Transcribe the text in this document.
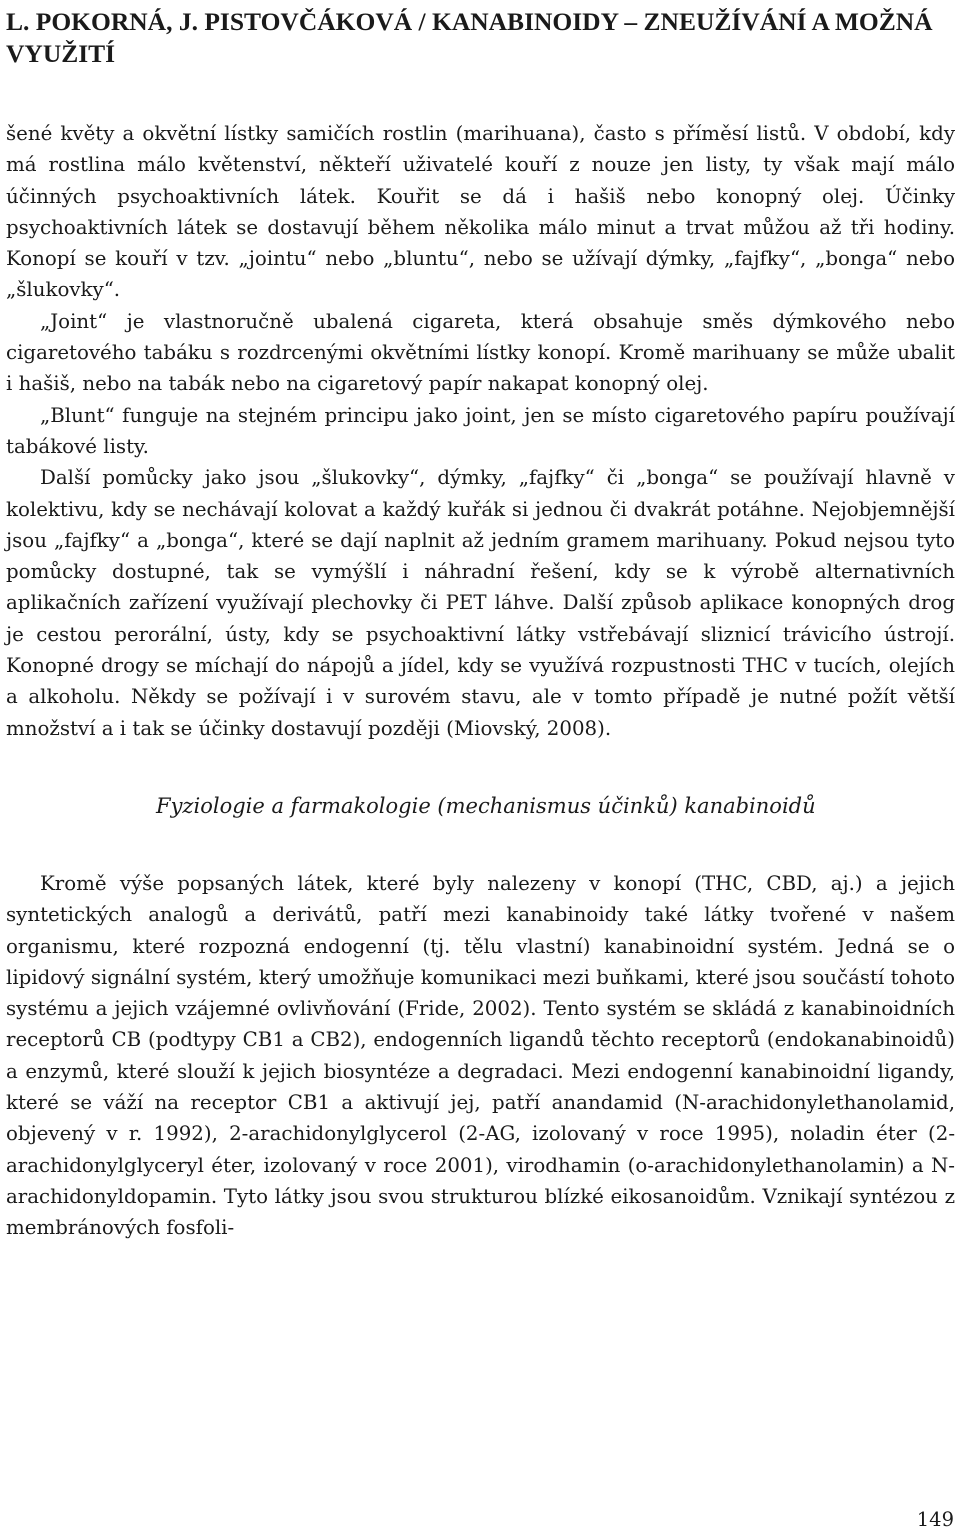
L. POKORNÁ, J. PISTOVČÁKOVÁ / KANABINOIDY – ZNEUŽÍVÁNÍ A MOŽNÁ VYUŽITÍ

šené květy a okvětní lístky samičích rostlin (marihuana), často s příměsí listů. V období, kdy má rostlina málo květenství, někteří uživatelé kouří z nouze jen listy, ty však mají málo účinných psychoaktivních látek. Kouřit se dá i hašiš nebo konopný olej. Účinky psychoaktivních látek se dostavují během několika málo minut a trvat můžou až tři hodiny. Konopí se kouří v tzv. „jointu“ nebo „bluntu“, nebo se užívají dýmky, „fajfky“, „bonga“ nebo „šlukovky“.

„Joint“ je vlastnoručně ubalená cigareta, která obsahuje směs dýmkového nebo cigaretového tabáku s rozdrcenými okvětními lístky konopí. Kromě marihuany se může ubalit i hašiš, nebo na tabák nebo na cigaretový papír nakapat konopný olej.

„Blunt“ funguje na stejném principu jako joint, jen se místo cigaretového papíru používají tabákové listy.

Další pomůcky jako jsou „šlukovky“, dýmky, „fajfky“ či „bonga“ se používají hlavně v kolektivu, kdy se nechávají kolovat a každý kuřák si jednou či dvakrát potáhne. Nejobjemnější jsou „fajfky“ a „bonga“, které se dají naplnit až jedním gramem marihuany. Pokud nejsou tyto pomůcky dostupné, tak se vymýšlí i náhradní řešení, kdy se k výrobě alternativních aplikačních zařízení využívají plechovky či PET láhve. Další způsob aplikace konopných drog je cestou perorální, ústy, kdy se psychoaktivní látky vstřebávají sliznicí trávicího ústrojí. Konopné drogy se míchají do nápojů a jídel, kdy se využívá rozpustnosti THC v tucích, olejích a alkoholu. Někdy se požívají i v surovém stavu, ale v tomto případě je nutné požít větší množství a i tak se účinky dostavují později (Miovský, 2008).

Fyziologie a farmakologie (mechanismus účinků) kanabinoidů

Kromě výše popsaných látek, které byly nalezeny v konopí (THC, CBD, aj.) a jejich syntetických analogů a derivátů, patří mezi kanabinoidy také látky tvořené v našem organismu, které rozpozná endogenní (tj. tělu vlastní) kanabinoidní systém. Jedná se o lipidový signální systém, který umožňuje komunikaci mezi buňkami, které jsou součástí tohoto systému a jejich vzájemné ovlivňování (Fride, 2002). Tento systém se skládá z kanabinoidních receptorů CB (podtypy CB1 a CB2), endogenních ligandů těchto receptorů (endokanabinoidů) a enzymů, které slouží k jejich biosyntéze a degradaci. Mezi endogenní kanabinoidní ligandy, které se váží na receptor CB1 a aktivují jej, patří anandamid (N-arachidonylethanolamid, objevený v r. 1992), 2-arachidonylglycerol (2-AG, izolovaný v roce 1995), noladin éter (2-arachidonylglyceryl éter, izolovaný v roce 2001), virodhamin (o-arachidonylethanolamin) a N-arachidonyldopamin. Tyto látky jsou svou strukturou blízké eikosanoidům. Vznikají syntézou z membránových fosfoli-

149
